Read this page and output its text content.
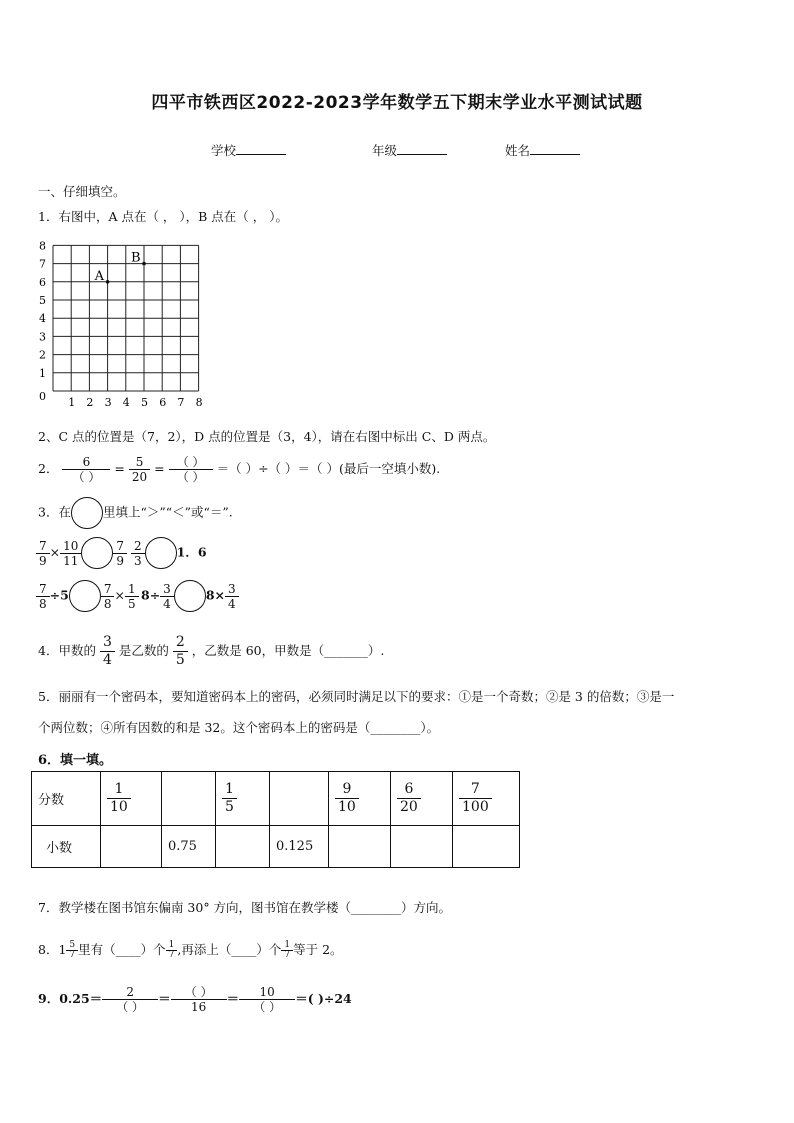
四平市铁西区2022-2023学年数学五下期末学业水平测试试题
学校	年级	姓名
一、仔细填空。
1．右图中，A 点在（ ， ），B 点在（ ， ）。
1 2 3 4 5 6 7 8
1
2
3
4
5
6
7
8
0
A
B
2、C 点的位置是（7，2），D 点的位置是（3，4），请在右图中标出 C、D 两点。
2． $\frac{6}{( )} = \frac{5}{20} = \frac{( )}{( )}$ ＝（ ）÷（ ）＝（ ）(最后一空填小数).
3．在	里填上“＞”“＜”或“＝”.
$\frac{7}{9} \times \frac{10}{11}$	$\frac{7}{9} \frac{2}{3}$	1．6
$\frac{7}{8} \div 5$	$\frac{7}{8} \times \frac{1}{5} 8\div \frac{3}{4}$	$8\times \frac{3}{4}$
4．甲数的 $\frac{3}{4}$ 是乙数的 $\frac{2}{5}$ ，乙数是 60，甲数是（_______）.
5．丽丽有一个密码本，要知道密码本上的密码，必须同时满足以下的要求：①是一个奇数；②是 3 的倍数；③是一
个两位数；④所有因数的和是 32。这个密码本上的密码是（________）。
6．填一填。
分数	$\frac{1}{10}$		$\frac{1}{5}$		$\frac{9}{10}$	$\frac{6}{20}$	$\frac{7}{100}$

小数		0.75		0.125			
7．教学楼在图书馆东偏南 30° 方向，图书馆在教学楼（________）方向。
8．$1 \frac{5}{7}$ 里有（____）个 $\frac{1}{7}$ ,再添上（____）个 $\frac{1}{7}$ 等于 2。
9．$0.25= \frac{2}{( )} = \frac{( )}{16} = \frac{10}{( )}$ ＝( )÷24
